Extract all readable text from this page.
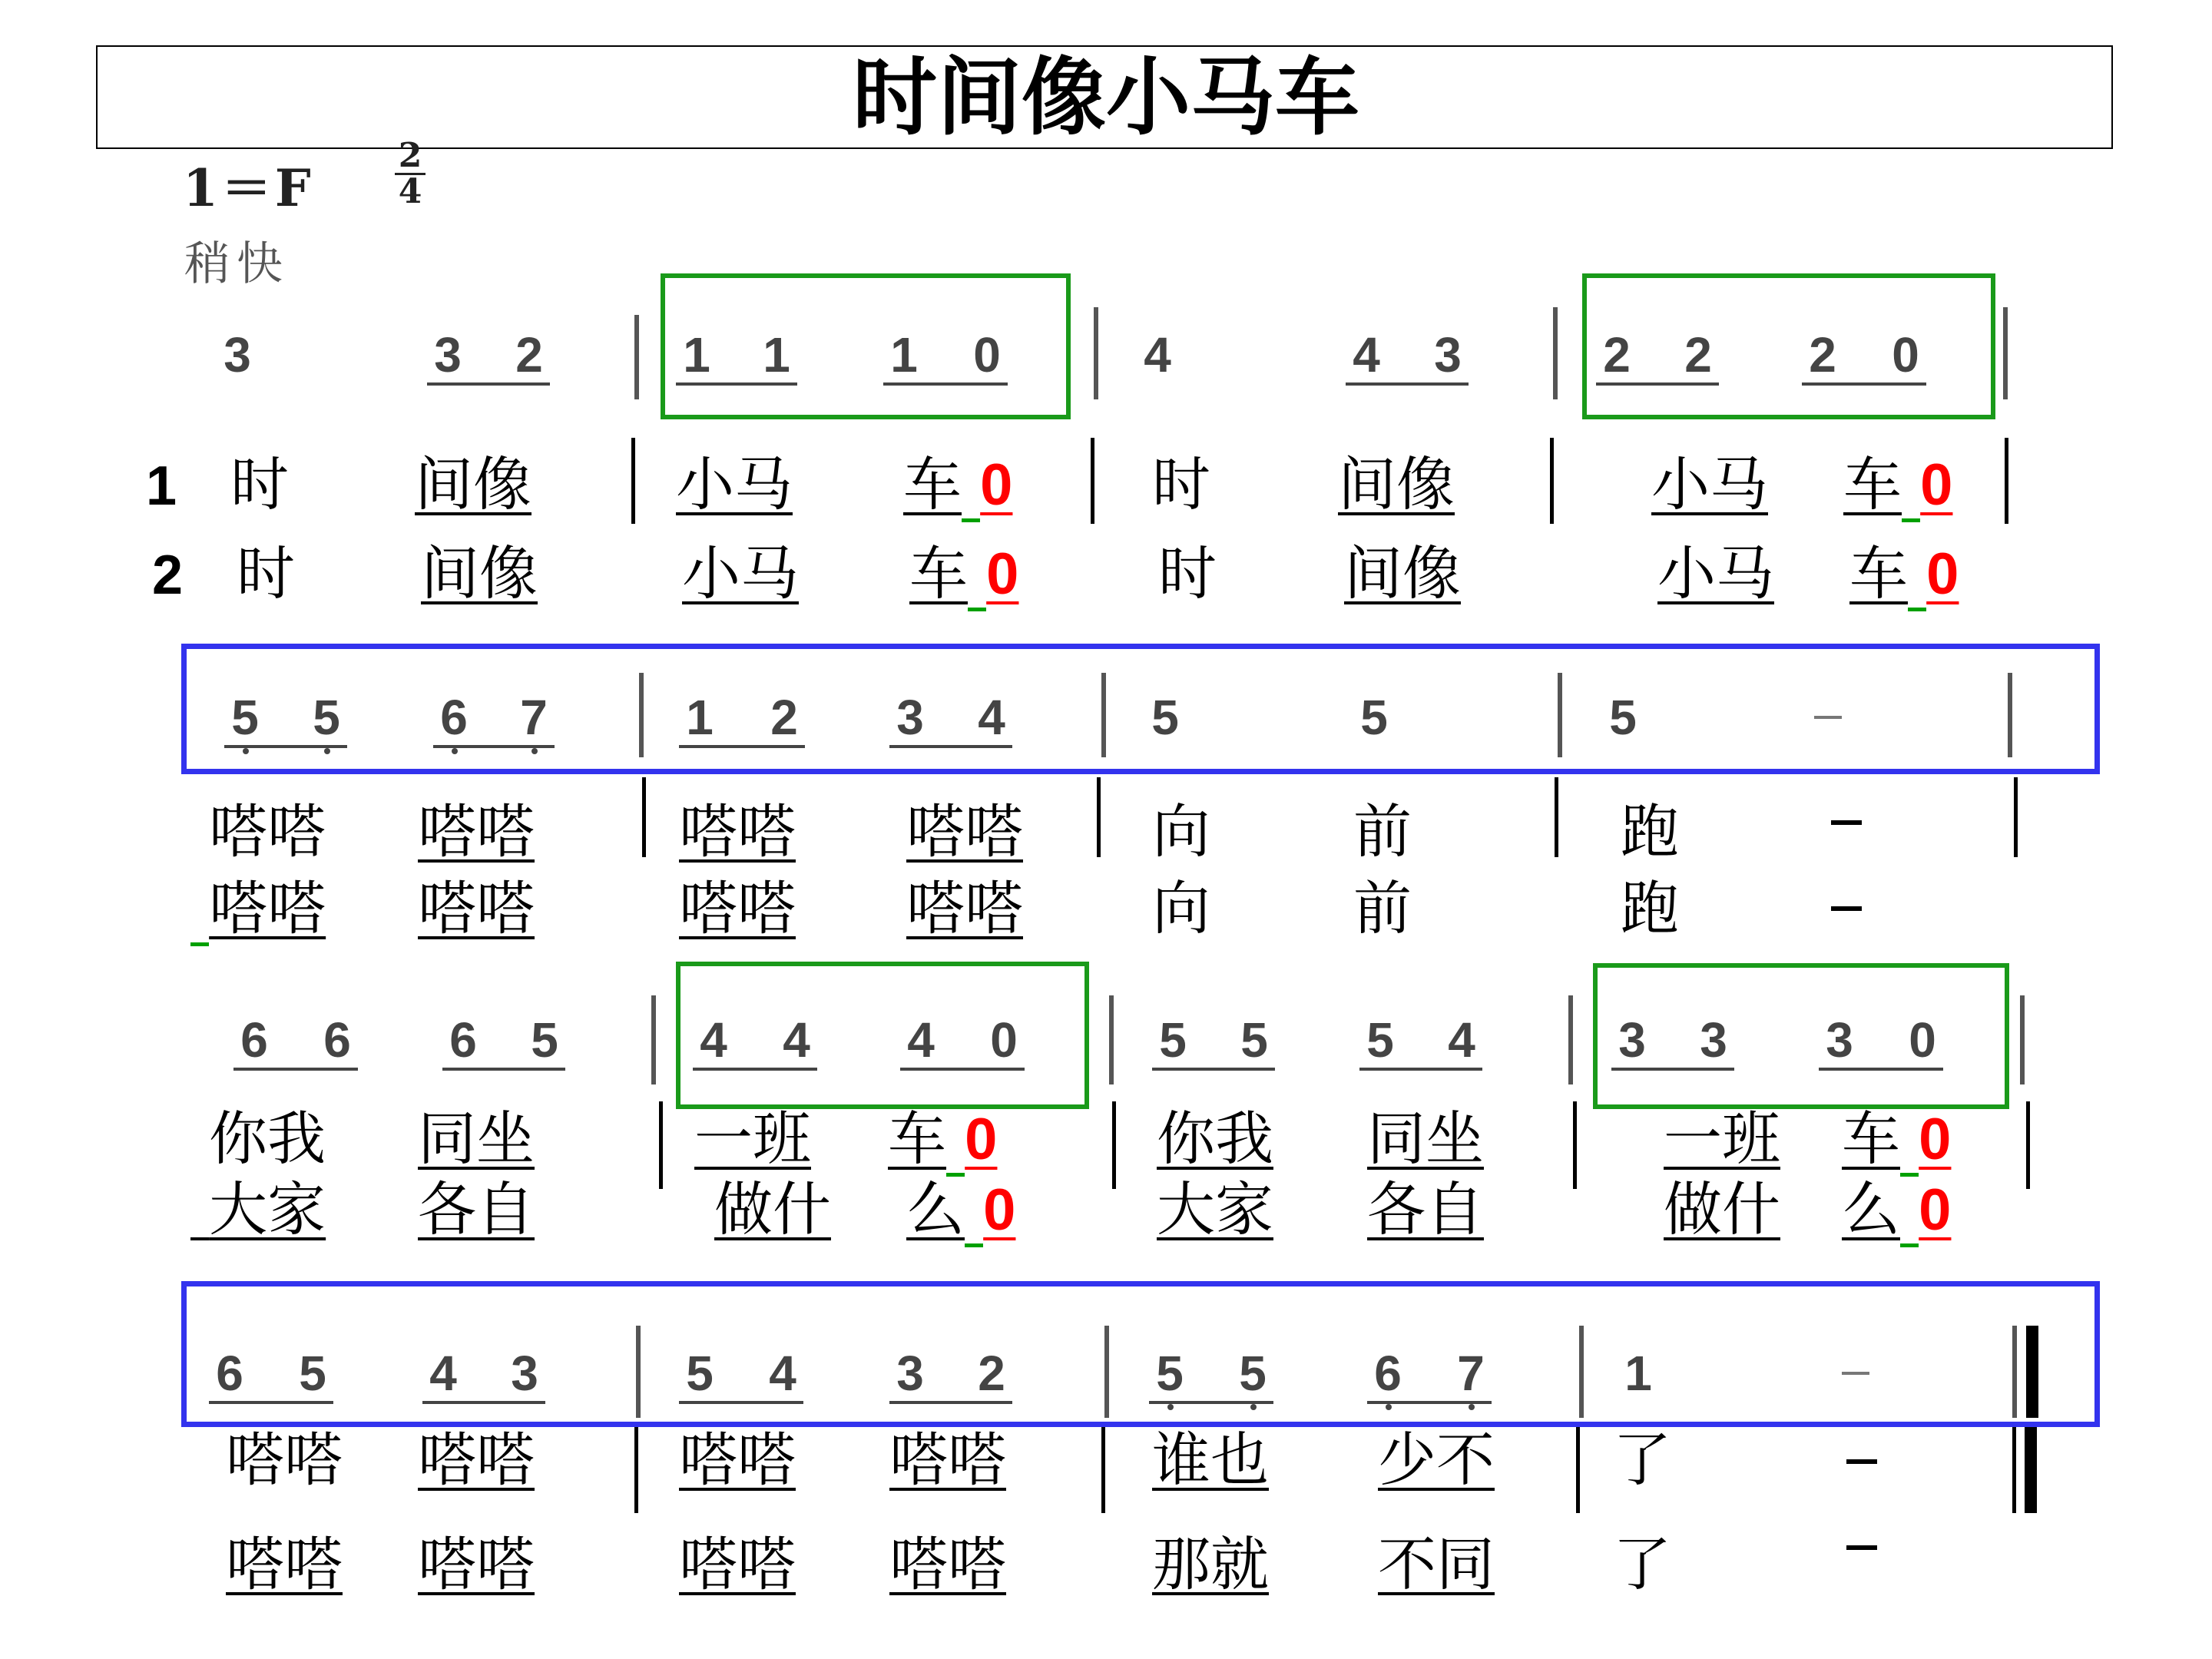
时间像小马车
1＝F
2
4
稍快
3	3 2	1 1 1 0	4	4 3	2 2 2 0
1 时 间像 小马 车 0 时 间像	小马 车 0
2 时 间像 小马 车 0 时 间像	小马 车 0
5 5 6 7	1 2 3 4	5	5	5
嗒嗒 嗒嗒 嗒嗒 嗒嗒 向 前	跑
嗒嗒 嗒嗒 嗒嗒 嗒嗒 向 前	跑
6 6 6 5	4 4 4 0	5 5 5 4	3 3 3 0
你我 同坐	一班 车 0	你我 同坐	一班 车 0
大家 各自	做什 么 0 大家 各自	做什 么 0
6 5 4 3	5 4 3 2	5 5 6 7	1
嗒嗒 嗒嗒 嗒嗒 嗒嗒	谁也 少不 了
嗒嗒 嗒嗒 嗒嗒 嗒嗒	那就 不同 了
